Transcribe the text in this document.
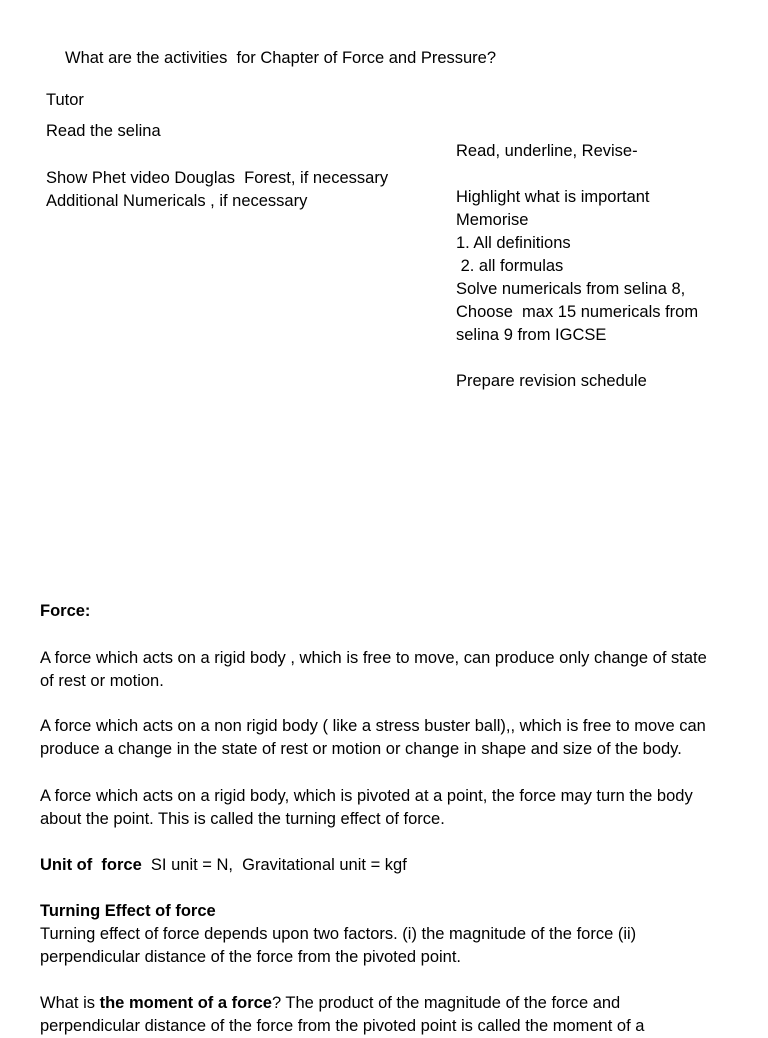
What are the activities  for Chapter of Force and Pressure?

Tutor

Read the selina

Show Phet video Douglas  Forest, if necessary

Additional Numericals , if necessary

Read, underline, Revise-

Highlight what is important

Memorise

1. All definitions

2. all formulas

Solve numericals from selina 8,

Choose  max 15 numericals from

selina 9 from IGCSE

Prepare revision schedule

Force:

A force which acts on a rigid body , which is free to move, can produce only change of state of rest or motion.

A force which acts on a non rigid body ( like a stress buster ball),, which is free to move can produce a change in the state of rest or motion or change in shape and size of the body.

A force which acts on a rigid body, which is pivoted at a point, the force may turn the body about the point. This is called the turning effect of force.

Unit of  force  SI unit = N,  Gravitational unit = kgf

Turning Effect of force

Turning effect of force depends upon two factors. (i) the magnitude of the force (ii) perpendicular distance of the force from the pivoted point.

What is the moment of a force? The product of the magnitude of the force and perpendicular distance of the force from the pivoted point is called the moment of a
